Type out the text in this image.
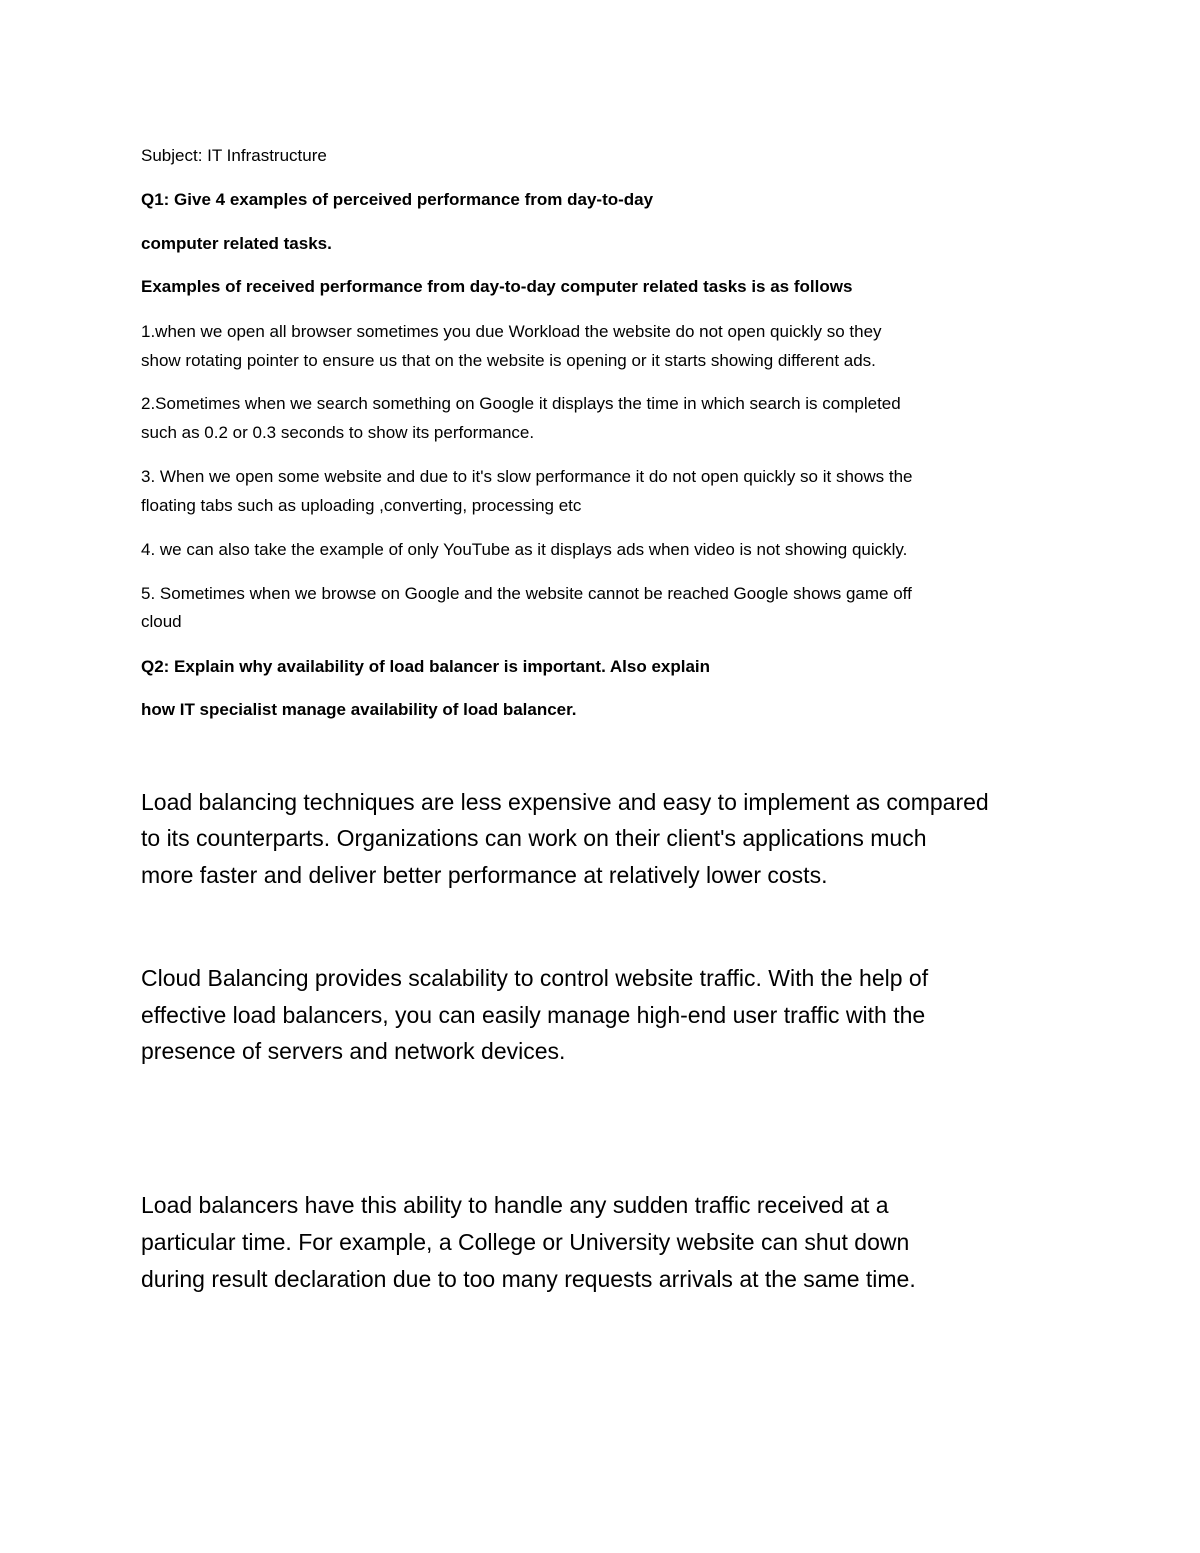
Subject: IT Infrastructure
Q1: Give 4 examples of perceived performance from day-to-day
computer related tasks.
Examples of received performance from day-to-day computer related tasks is as follows
1.when we open all browser sometimes you due Workload the website do not open quickly so they
show rotating pointer to ensure us that on the website is opening or it starts showing different ads.
2.Sometimes when we search something on Google it displays the time in which search is completed
such as 0.2 or 0.3 seconds to show its performance.
3. When we open some website and due to it's slow performance it do not open quickly so it shows the
floating tabs such as uploading ,converting, processing etc
4. we can also take the example of only YouTube as it displays ads when video is not showing quickly.
5. Sometimes when we browse on Google and the website cannot be reached Google shows game off
cloud
Q2: Explain why availability of load balancer is important. Also explain
how IT specialist manage availability of load balancer.
Load balancing techniques are less expensive and easy to implement as compared
to its counterparts. Organizations can work on their client's applications much
more faster and deliver better performance at relatively lower costs.
Cloud Balancing provides scalability to control website traffic. With the help of
effective load balancers, you can easily manage high-end user traffic with the
presence of servers and network devices.
Load balancers have this ability to handle any sudden traffic received at a
particular time. For example, a College or University website can shut down
during result declaration due to too many requests arrivals at the same time.
